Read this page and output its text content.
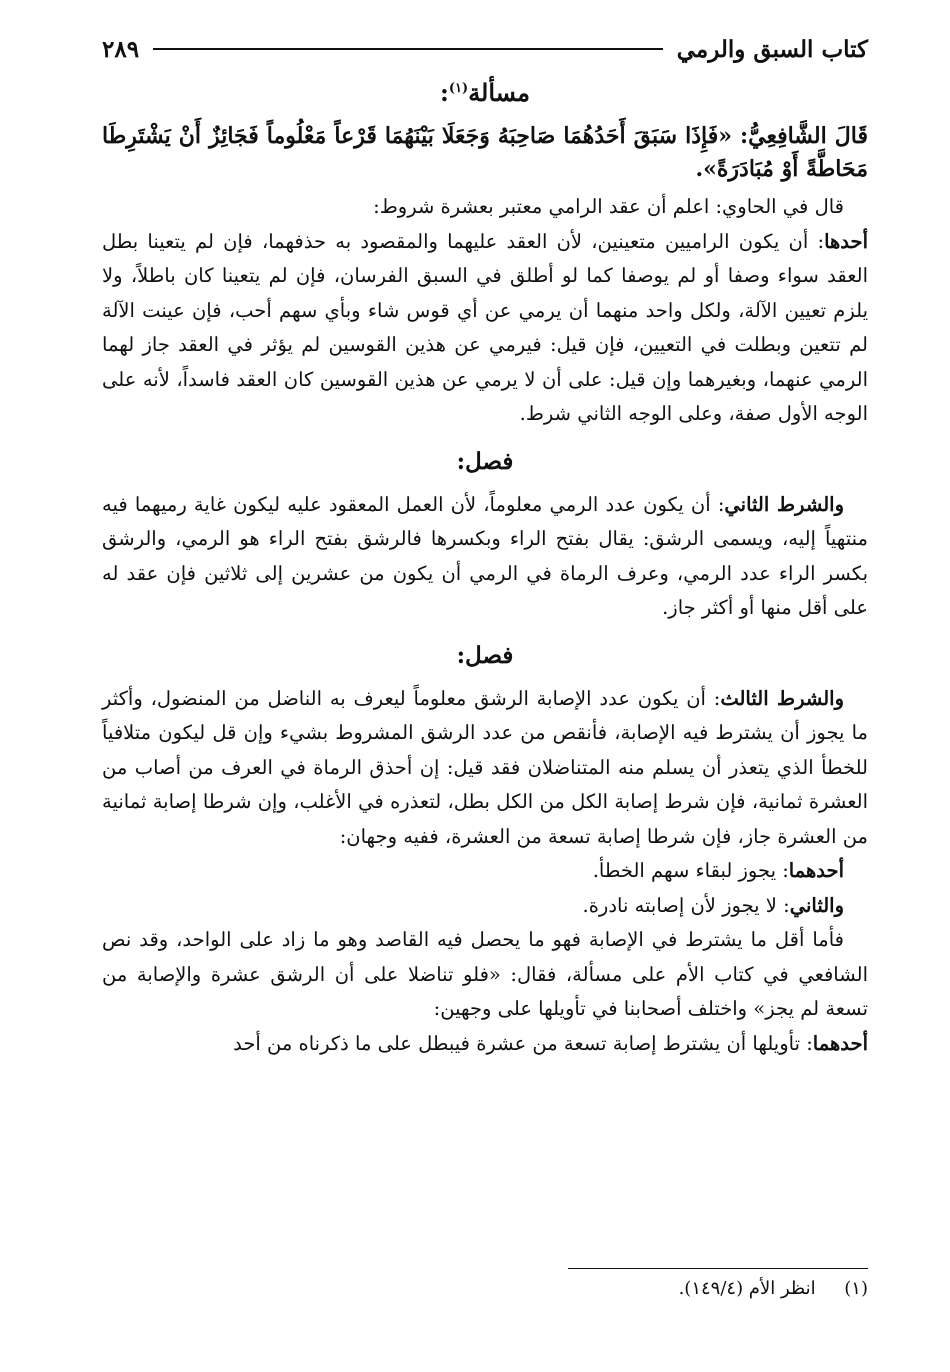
كتاب السبق والرمي
٢٨٩
مسألة$^{(١)}$:

قَالَ الشَّافِعِيُّ: «فَإِذَا سَبَقَ أَحَدُهُمَا صَاحِبَهُ وَجَعَلَا بَيْنَهُمَا قَرْعاً مَعْلُوماً فَجَائِزٌ أَنْ يَشْتَرِطَا مَحَاطَّةً أَوْ مُبَادَرَةً».

قال في الحاوي: اعلم أن عقد الرامي معتبر بعشرة شروط:

أحدها: أن يكون الراميين متعينين، لأن العقد عليهما والمقصود به حذفهما، فإن لم يتعينا بطل العقد سواء وصفا أو لم يوصفا كما لو أطلق في السبق الفرسان، فإن لم يتعينا كان باطلاً، ولا يلزم تعيين الآلة، ولكل واحد منهما أن يرمي عن أي قوس شاء وبأي سهم أحب، فإن عينت الآلة لم تتعين وبطلت في التعيين، فإن قيل: فيرمي عن هذين القوسين لم يؤثر في العقد جاز لهما الرمي عنهما، وبغيرهما وإن قيل: على أن لا يرمي عن هذين القوسين كان العقد فاسداً، لأنه على الوجه الأول صفة، وعلى الوجه الثاني شرط.

فصل:

والشرط الثاني: أن يكون عدد الرمي معلوماً، لأن العمل المعقود عليه ليكون غاية رميهما فيه منتهياً إليه، ويسمى الرشق: يقال بفتح الراء وبكسرها فالرشق بفتح الراء هو الرمي، والرشق بكسر الراء عدد الرمي، وعرف الرماة في الرمي أن يكون من عشرين إلى ثلاثين فإن عقد له على أقل منها أو أكثر جاز.

فصل:

والشرط الثالث: أن يكون عدد الإصابة الرشق معلوماً ليعرف به الناضل من المنضول، وأكثر ما يجوز أن يشترط فيه الإصابة، فأنقص من عدد الرشق المشروط بشيء وإن قل ليكون متلافياً للخطأ الذي يتعذر أن يسلم منه المتناضلان فقد قيل: إن أحذق الرماة في العرف من أصاب من العشرة ثمانية، فإن شرط إصابة الكل من الكل بطل، لتعذره في الأغلب، وإن شرطا إصابة ثمانية من العشرة جاز، فإن شرطا إصابة تسعة من العشرة، ففيه وجهان:

أحدهما: يجوز لبقاء سهم الخطأ.

والثاني: لا يجوز لأن إصابته نادرة.

فأما أقل ما يشترط في الإصابة فهو ما يحصل فيه القاصد وهو ما زاد على الواحد، وقد نص الشافعي في كتاب الأم على مسألة، فقال: «فلو تناضلا على أن الرشق عشرة والإصابة من تسعة لم يجز» واختلف أصحابنا في تأويلها على وجهين:

أحدهما: تأويلها أن يشترط إصابة تسعة من عشرة فيبطل على ما ذكرناه من أحد

(١)     انظر الأم (١٤٩/٤).
